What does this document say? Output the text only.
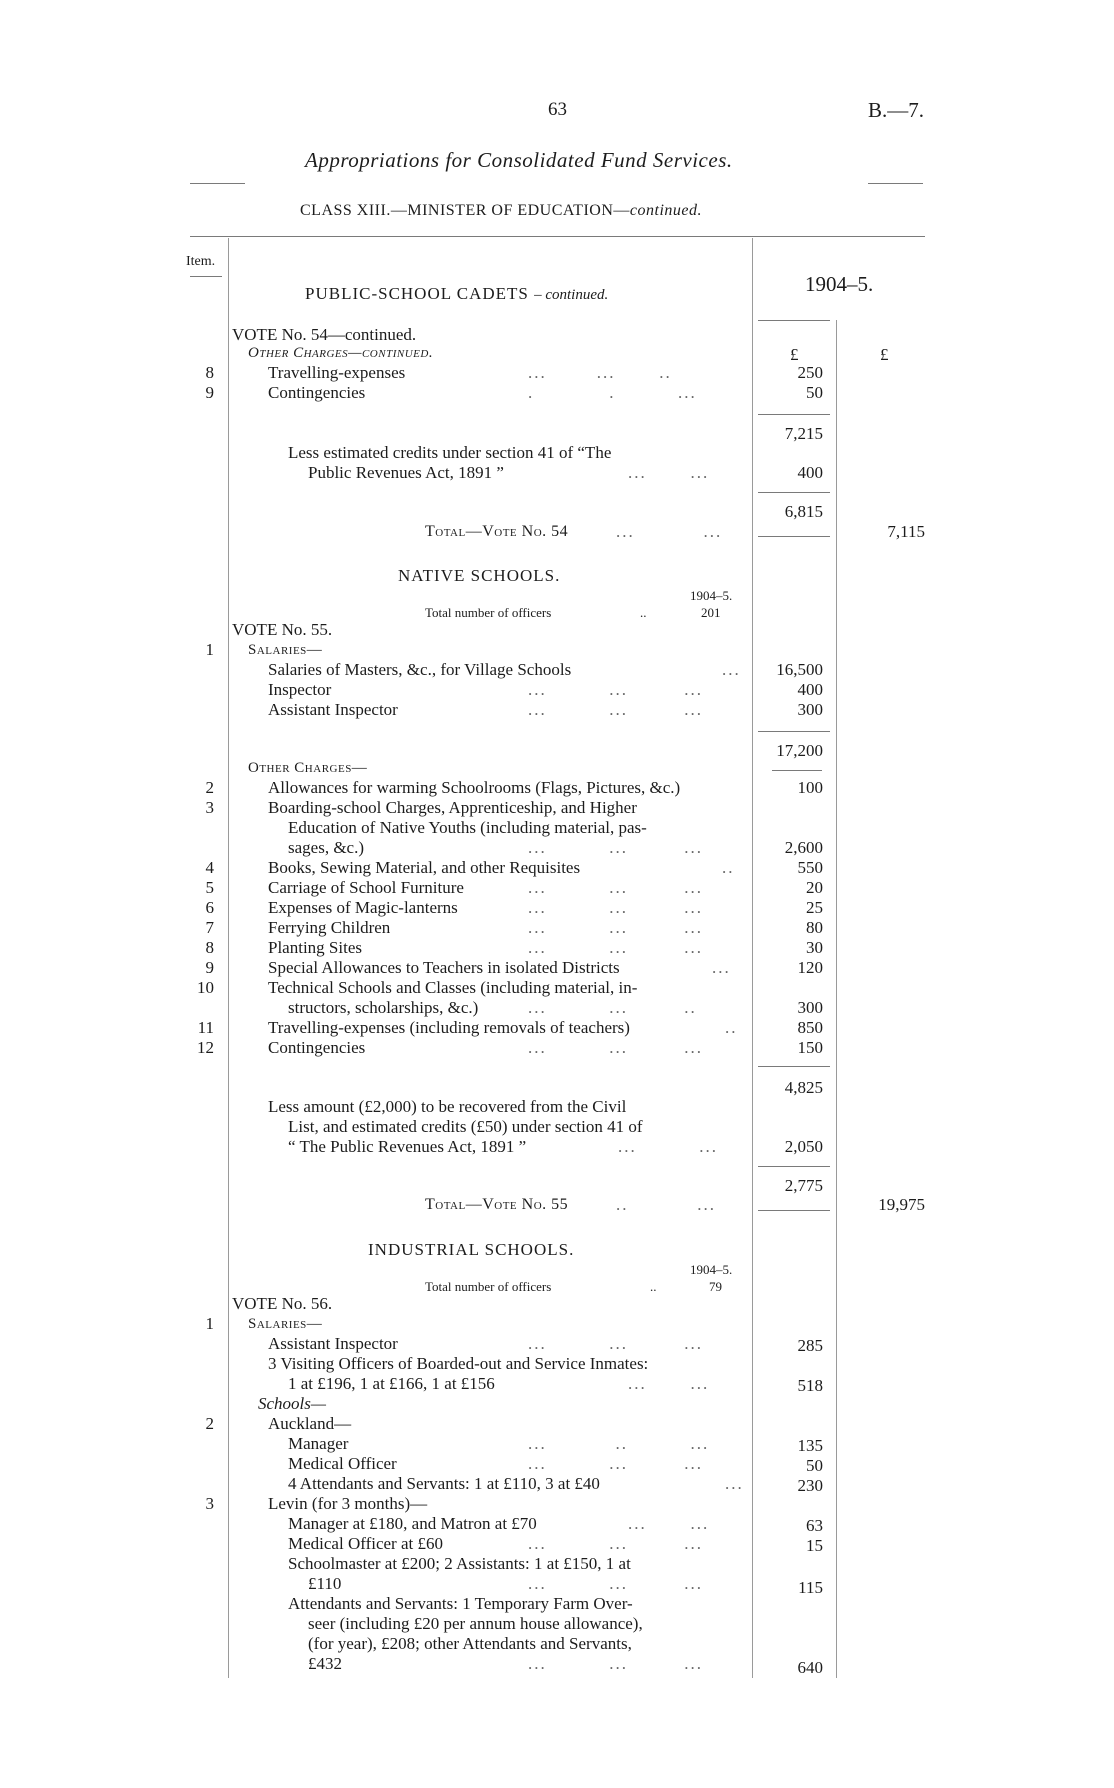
63	B.—7.
Appropriations for Consolidated Fund Services.
CLASS XIII.—MINISTER OF EDUCATION—continued.
Item.
1904–5.
PUBLIC-SCHOOL CADETS – continued.
VOTE No. 54—continued.
Other Charges—continued.	£	£
8	Travelling-expenses	...        ...       ..	250
9	Contingencies	.            .          ...	50
7,215
Less estimated credits under section 41 of “The
Public Revenues Act, 1891 ”	...       ...	400
6,815
Total—Vote No. 54	...           ...	7,115
NATIVE SCHOOLS.
1904–5.
Total number of officers	..	201
VOTE No. 55.
1 Salaries—
Salaries of Masters, &c., for Village Schools	...	16,500
Inspector	...          ...         ...	400
Assistant Inspector	...          ...         ...	300
17,200
Other Charges—
2	Allowances for warming Schoolrooms (Flags, Pictures, &c.)	100
3	Boarding-school Charges, Apprenticeship, and Higher
Education of Native Youths (including material, pas-
sages, &c.)	...          ...         ...	2,600
4	Books, Sewing Material, and other Requisites	..	550
5	Carriage of School Furniture	...          ...         ...	20
6	Expenses of Magic-lanterns	...          ...         ...	25
7	Ferrying Children	...          ...         ...	80
8	Planting Sites	...          ...         ...	30
9	Special Allowances to Teachers in isolated Districts	...	120
10	Technical Schools and Classes (including material, in-
structors, scholarships, &c.)	...          ...         ..	300
11	Travelling-expenses (including removals of teachers)	..	850
12	Contingencies	...          ...         ...	150
4,825
Less amount (£2,000) to be recovered from the Civil
List, and estimated credits (£50) under section 41 of
“ The Public Revenues Act, 1891 ”	...          ...	2,050
2,775
Total—Vote No. 55	..           ...	19,975
INDUSTRIAL SCHOOLS.
1904–5.
Total number of officers	..	79
VOTE No. 56.
1 Salaries—
Assistant Inspector	...          ...         ...	285
3 Visiting Officers of Boarded-out and Service Inmates:
1 at £196, 1 at £166, 1 at £156	...       ...	518
Schools—
2	Auckland—
Manager	...           ..          ...	135
Medical Officer	...          ...         ...	50
4 Attendants and Servants: 1 at £110, 3 at £40	...	230
3	Levin (for 3 months)—
Manager at £180, and Matron at £70	...       ...	63
Medical Officer at £60	...          ...         ...	15
Schoolmaster at £200; 2 Assistants: 1 at £150, 1 at
£110	...          ...         ...	115
Attendants and Servants: 1 Temporary Farm Over-
seer (including £20 per annum house allowance),
(for year), £208; other Attendants and Servants,
£432	...          ...         ...	640
